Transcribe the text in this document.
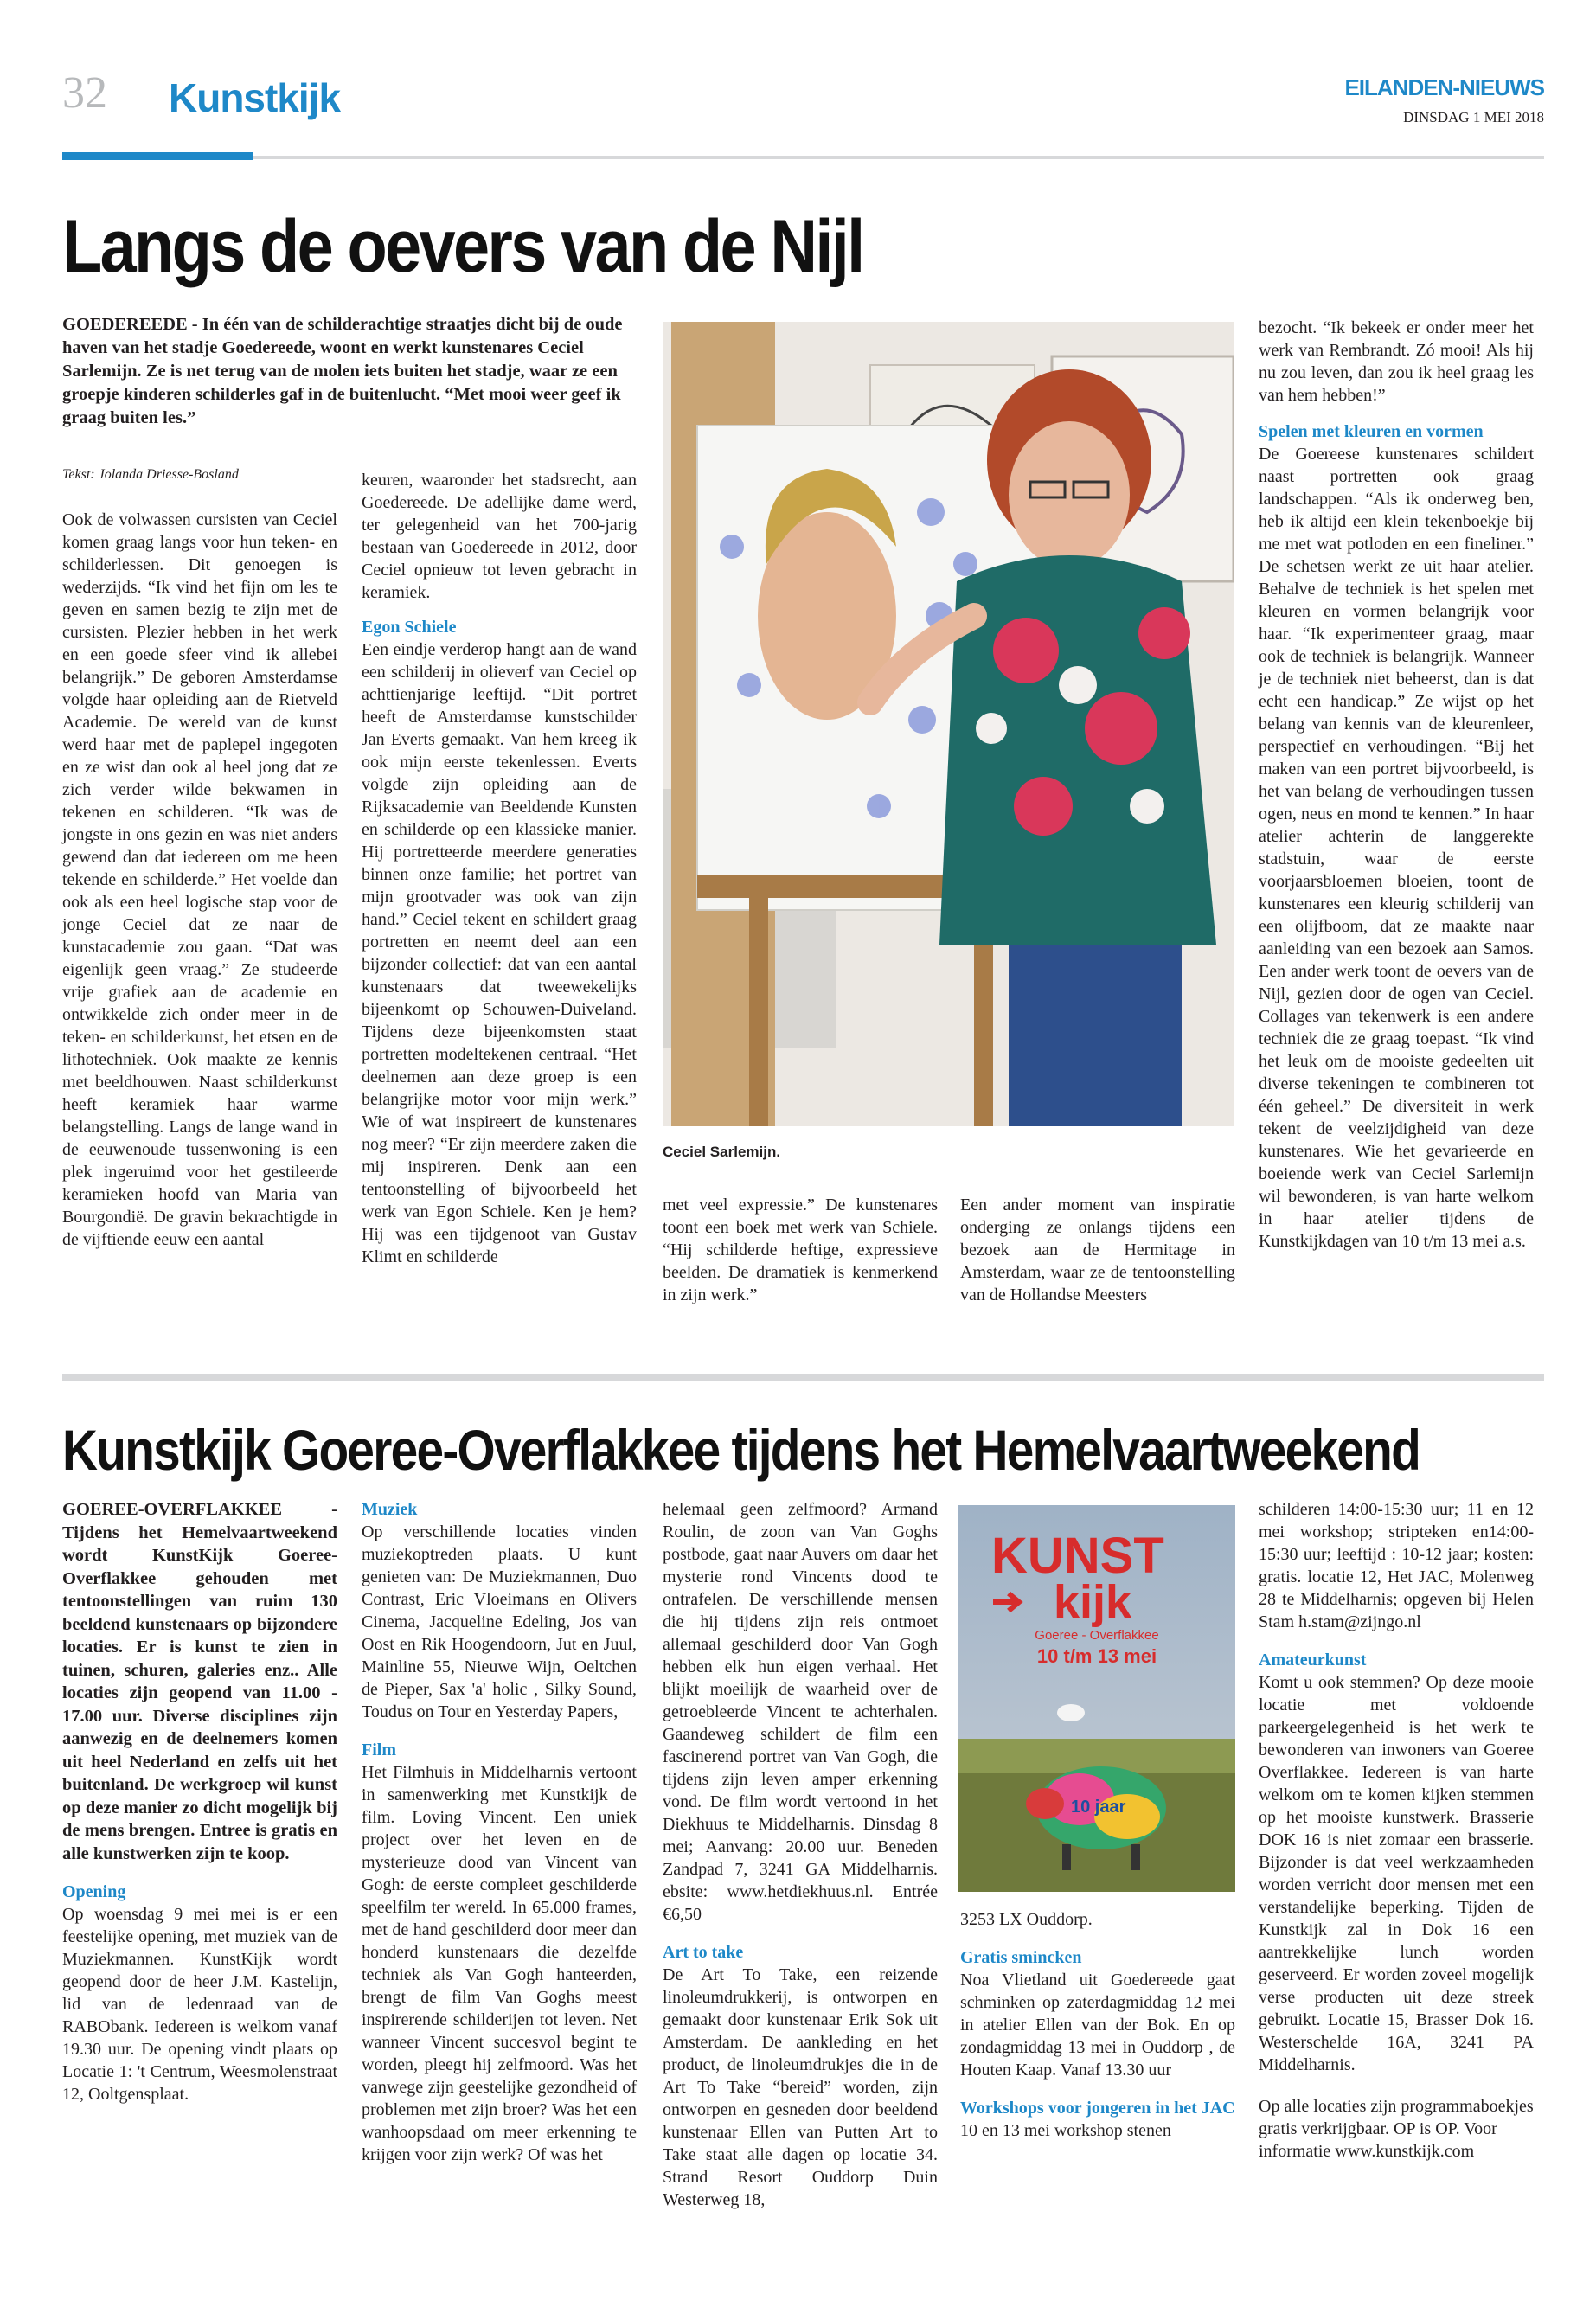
32 Kunstkijk	EILANDEN-NIEUWS
DINSDAG 1 MEI 2018
Langs de oevers van de Nijl
GOEDEREEDE - In één van de schilderachtige straatjes dicht bij de oude haven van het stadje Goedereede, woont en werkt kunstenares Ceciel Sarlemijn. Ze is net terug van de molen iets buiten het stadje, waar ze een groepje kinderen schilderles gaf in de buitenlucht. “Met mooi weer geef ik graag buiten les.”
Tekst: Jolanda Driesse-Bosland

Ook de volwassen cursisten van Ceciel komen graag langs voor hun teken- en schilderlessen. Dit genoegen is wederzijds. “Ik vind het fijn om les te geven en samen bezig te zijn met de cursisten. Plezier hebben in het werk en een goede sfeer vind ik allebei belangrijk.” De geboren Amsterdamse volgde haar opleiding aan de Rietveld Academie. De wereld van de kunst werd haar met de paplepel ingegoten en ze wist dan ook al heel jong dat ze zich verder wilde bekwamen in tekenen en schilderen. “Ik was de jongste in ons gezin en was niet anders gewend dan dat iedereen om me heen tekende en schilderde.” Het voelde dan ook als een heel logische stap voor de jonge Ceciel dat ze naar de kunstacademie zou gaan. “Dat was eigenlijk geen vraag.” Ze studeerde vrije grafiek aan de academie en ontwikkelde zich onder meer in de teken- en schilderkunst, het etsen en de lithotechniek. Ook maakte ze kennis met beeldhouwen. Naast schilderkunst heeft keramiek haar warme belangstelling. Langs de lange wand in de eeuwenoude tussenwoning is een plek ingeruimd voor het gestileerde keramieken hoofd van Maria van Bourgondië. De gravin bekrachtigde in de vijftiende eeuw een aantal

keuren, waaronder het stadsrecht, aan Goedereede. De adellijke dame werd, ter gelegenheid van het 700-jarig bestaan van Goedereede in 2012, door Ceciel opnieuw tot leven gebracht in keramiek.

Egon Schiele

Een eindje verderop hangt aan de wand een schilderij in olieverf van Ceciel op achttienjarige leeftijd. “Dit portret heeft de Amsterdamse kunstschilder Jan Everts gemaakt. Van hem kreeg ik ook mijn eerste tekenlessen. Everts volgde zijn opleiding aan de Rijksacademie van Beeldende Kunsten en schilderde op een klassieke manier. Hij portretteerde meerdere generaties binnen onze familie; het portret van mijn grootvader was ook van zijn hand.” Ceciel tekent en schildert graag portretten en neemt deel aan een bijzonder collectief: dat van een aantal kunstenaars dat tweewekelijks bijeenkomt op Schouwen-Duiveland. Tijdens deze bijeenkomsten staat portretten modeltekenen centraal. “Het deelnemen aan deze groep is een belangrijke motor voor mijn werk.” Wie of wat inspireert de kunstenares nog meer? “Er zijn meerdere zaken die mij inspireren. Denk aan een tentoonstelling of bijvoorbeeld het werk van Egon Schiele. Ken je hem? Hij was een tijdgenoot van Gustav Klimt en schilderde

Ceciel Sarlemijn.

met veel expressie.” De kunstenares toont een boek met werk van Schiele. “Hij schilderde heftige, expressieve beelden. De dramatiek is kenmerkend in zijn werk.”

Een ander moment van inspiratie onderging ze onlangs tijdens een bezoek aan de Hermitage in Amsterdam, waar ze de tentoonstelling van de Hollandse Meesters

bezocht. “Ik bekeek er onder meer het werk van Rembrandt. Zó mooi! Als hij nu zou leven, dan zou ik heel graag les van hem hebben!”

Spelen met kleuren en vormen

De Goereese kunstenares schildert naast portretten ook graag landschappen. “Als ik onderweg ben, heb ik altijd een klein tekenboekje bij me met wat potloden en een fineliner.” De schetsen werkt ze uit haar atelier. Behalve de techniek is het spelen met kleuren en vormen belangrijk voor haar. “Ik experimenteer graag, maar ook de techniek is belangrijk. Wanneer je de techniek niet beheerst, dan is dat echt een handicap.” Ze wijst op het belang van kennis van de kleurenleer, perspectief en verhoudingen. “Bij het maken van een portret bijvoorbeeld, is het van belang de verhoudingen tussen ogen, neus en mond te kennen.” In haar atelier achterin de langgerekte stadstuin, waar de eerste voorjaarsbloemen bloeien, toont de kunstenares een kleurig schilderij van een olijfboom, dat ze maakte naar aanleiding van een bezoek aan Samos. Een ander werk toont de oevers van de Nijl, gezien door de ogen van Ceciel. Collages van tekenwerk is een andere techniek die ze graag toepast. “Ik vind het leuk om de mooiste gedeelten uit diverse tekeningen te combineren tot één geheel.” De diversiteit in werk tekent de veelzijdigheid van deze kunstenares. Wie het gevarieerde en boeiende werk van Ceciel Sarlemijn wil bewonderen, is van harte welkom in haar atelier tijdens de Kunstkijkdagen van 10 t/m 13 mei a.s.

Kunstkijk Goeree-Overflakkee tijdens het Hemelvaartweekend

GOEREE-OVERFLAKKEE - Tijdens het Hemelvaartweekend wordt KunstKijk Goeree-Overflakkee gehouden met tentoonstellingen van ruim 130 beeldend kunstenaars op bijzondere locaties. Er is kunst te zien in tuinen, schuren, galeries enz.. Alle locaties zijn geopend van 11.00 - 17.00 uur. Diverse disciplines zijn aanwezig en de deelnemers komen uit heel Nederland en zelfs uit het buitenland. De werkgroep wil kunst op deze manier zo dicht mogelijk bij de mens brengen. Entree is gratis en alle kunstwerken zijn te koop.

Opening

Op woensdag 9 mei mei is er een feestelijke opening, met muziek van de Muziekmannen. KunstKijk wordt geopend door de heer J.M. Kastelijn, lid van de ledenraad van de RABObank. Iedereen is welkom vanaf 19.30 uur. De opening vindt plaats op Locatie 1: 't Centrum, Weesmolenstraat 12, Ooltgensplaat.

Muziek

Op verschillende locaties vinden muziekoptreden plaats. U kunt genieten van: De Muziekmannen, Duo Contrast, Eric Vloeimans en Olivers Cinema, Jacqueline Edeling, Jos van Oost en Rik Hoogendoorn, Jut en Juul, Mainline 55, Nieuwe Wijn, Oeltchen de Pieper, Sax 'a' holic , Silky Sound, Toudus on Tour en Yesterday Papers,

Film

Het Filmhuis in Middelharnis vertoont in samenwerking met Kunstkijk de film. Loving Vincent. Een uniek project over het leven en de mysterieuze dood van Vincent van Gogh: de eerste compleet geschilderde speelfilm ter wereld. In 65.000 frames, met de hand geschilderd door meer dan honderd kunstenaars die dezelfde techniek als Van Gogh hanteerden, brengt de film Van Goghs meest inspirerende schilderijen tot leven. Net wanneer Vincent succesvol begint te worden, pleegt hij zelfmoord. Was het vanwege zijn geestelijke gezondheid of problemen met zijn broer? Was het een wanhoopsdaad om meer erkenning te krijgen voor zijn werk? Of was het

helemaal geen zelfmoord? Armand Roulin, de zoon van Van Goghs postbode, gaat naar Auvers om daar het mysterie rond Vincents dood te ontrafelen. De verschillende mensen die hij tijdens zijn reis ontmoet allemaal geschilderd door Van Gogh hebben elk hun eigen verhaal. Het blijkt moeilijk de waarheid over de getroebleerde Vincent te achterhalen. Gaandeweg schildert de film een fascinerend portret van Van Gogh, die tijdens zijn leven amper erkenning vond. De film wordt vertoond in het Diekhuus te Middelharnis. Dinsdag 8 mei; Aanvang: 20.00 uur. Beneden Zandpad 7, 3241 GA Middelharnis. ebsite: www.hetdiekhuus.nl. Entrée €6,50

Art to take

De Art To Take, een reizende linoleumdrukkerij, is ontworpen en gemaakt door kunstenaar Erik Sok uit Amsterdam. De aankleding en het product, de linoleumdrukjes die in de Art To Take “bereid” worden, zijn ontworpen en gesneden door beeldend kunstenaar Ellen van Putten Art to Take staat alle dagen op locatie 34. Strand Resort Ouddorp Duin Westerweg 18,

KUNST
kijk
Goeree - Overflakkee
10 t/m 13 mei
10 jaar

3253 LX Ouddorp.

Gratis smincken

Noa Vlietland uit Goedereede gaat schminken op zaterdagmiddag 12 mei in atelier Ellen van der Bok. En op zondagmiddag 13 mei in Ouddorp , de Houten Kaap. Vanaf 13.30 uur

Workshops voor jongeren in het JAC

10 en 13 mei workshop stenen

schilderen 14:00-15:30 uur; 11 en 12 mei workshop; stripteken en14:00-15:30 uur; leeftijd : 10-12 jaar; kosten: gratis. locatie 12, Het JAC, Molenweg 28 te Middelharnis; opgeven bij Helen Stam h.stam@zijngo.nl

Amateurkunst

Komt u ook stemmen? Op deze mooie locatie met voldoende parkeergelegenheid is het werk te bewonderen van inwoners van Goeree Overflakkee. Iedereen is van harte welkom om te komen kijken stemmen op het mooiste kunstwerk. Brasserie DOK 16 is niet zomaar een brasserie. Bijzonder is dat veel werkzaamheden worden verricht door mensen met een verstandelijke beperking. Tijden de Kunstkijk zal in Dok 16 een aantrekkelijke lunch worden geserveerd. Er worden zoveel mogelijk verse producten uit deze streek gebruikt. Locatie 15, Brasser Dok 16. Westerschelde 16A, 3241 PA Middelharnis.

Op alle locaties zijn programmaboekjes gratis verkrijgbaar. OP is OP. Voor informatie www.kunstkijk.com
